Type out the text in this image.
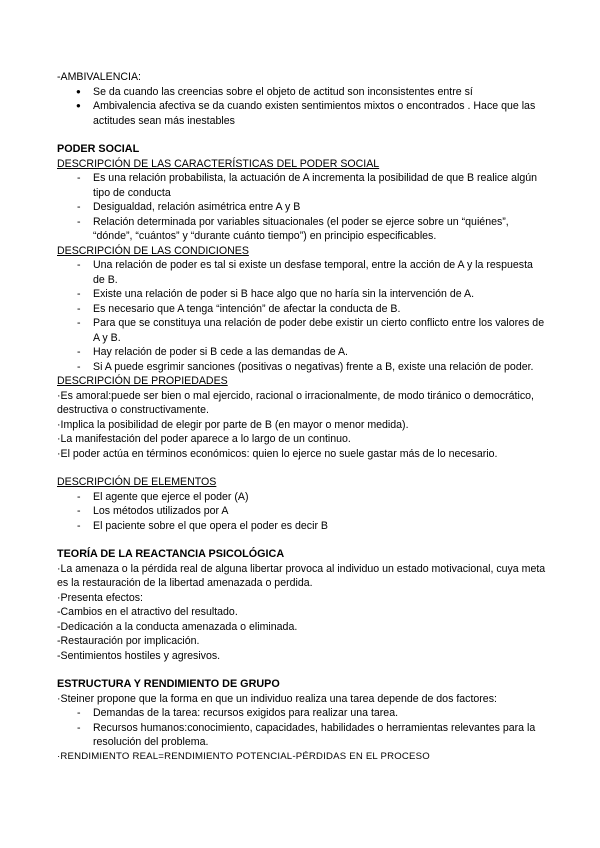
-AMBIVALENCIA:
● Se da cuando las creencias sobre el objeto de actitud son inconsistentes entre sí
● Ambivalencia afectiva se da cuando existen sentimientos mixtos o encontrados . Hace que las actitudes sean más inestables
PODER SOCIAL
DESCRIPCIÓN DE LAS CARACTERÍSTICAS DEL PODER SOCIAL
- Es una relación probabilista, la actuación de A incrementa la posibilidad de que B realice algún tipo de conducta
- Desigualdad, relación asimétrica entre A y B
- Relación determinada por variables situacionales (el poder se ejerce sobre un “quiénes”, “dónde”, “cuántos” y “durante cuánto tiempo”) en principio especificables.
DESCRIPCIÓN DE LAS CONDICIONES
- Una relación de poder es tal si existe un desfase temporal, entre la acción de A y la respuesta de B.
- Existe una relación de poder si B hace algo que no haría sin la intervención de A.
- Es necesario que A tenga “intención” de afectar la conducta de B.
- Para que se constituya una relación de poder debe existir un cierto conflicto entre los valores de A y B.
- Hay relación de poder si B cede a las demandas de A.
- Si A puede esgrimir sanciones (positivas o negativas) frente a B, existe una relación de poder.
DESCRIPCIÓN DE PROPIEDADES
·Es amoral:puede ser bien o mal ejercido, racional o irracionalmente, de modo tiránico o democrático, destructiva o constructivamente.
·Implica la posibilidad de elegir por parte de B (en mayor o menor medida).
·La manifestación del poder aparece a lo largo de un continuo.
·El poder actúa en términos económicos: quien lo ejerce no suele gastar más de lo necesario.
DESCRIPCIÓN DE ELEMENTOS
- El agente que ejerce el poder (A)
- Los métodos utilizados por A
- El paciente sobre el que opera el poder es decir B
TEORÍA DE LA REACTANCIA PSICOLÓGICA
·La amenaza o la pérdida real de alguna libertar provoca al individuo un estado motivacional, cuya meta es la restauración de la libertad amenazada o perdida.
·Presenta efectos:
-Cambios en el atractivo del resultado.
-Dedicación a la conducta amenazada o eliminada.
-Restauración por implicación.
-Sentimientos hostiles y agresivos.
ESTRUCTURA Y RENDIMIENTO DE GRUPO
·Steiner propone que la forma en que un individuo realiza una tarea depende de dos factores:
- Demandas de la tarea: recursos exigidos para realizar una tarea.
- Recursos humanos:conocimiento, capacidades, habilidades o herramientas relevantes para la resolución del problema.
·RENDIMIENTO REAL=RENDIMIENTO POTENCIAL-PÉRDIDAS EN EL PROCESO
